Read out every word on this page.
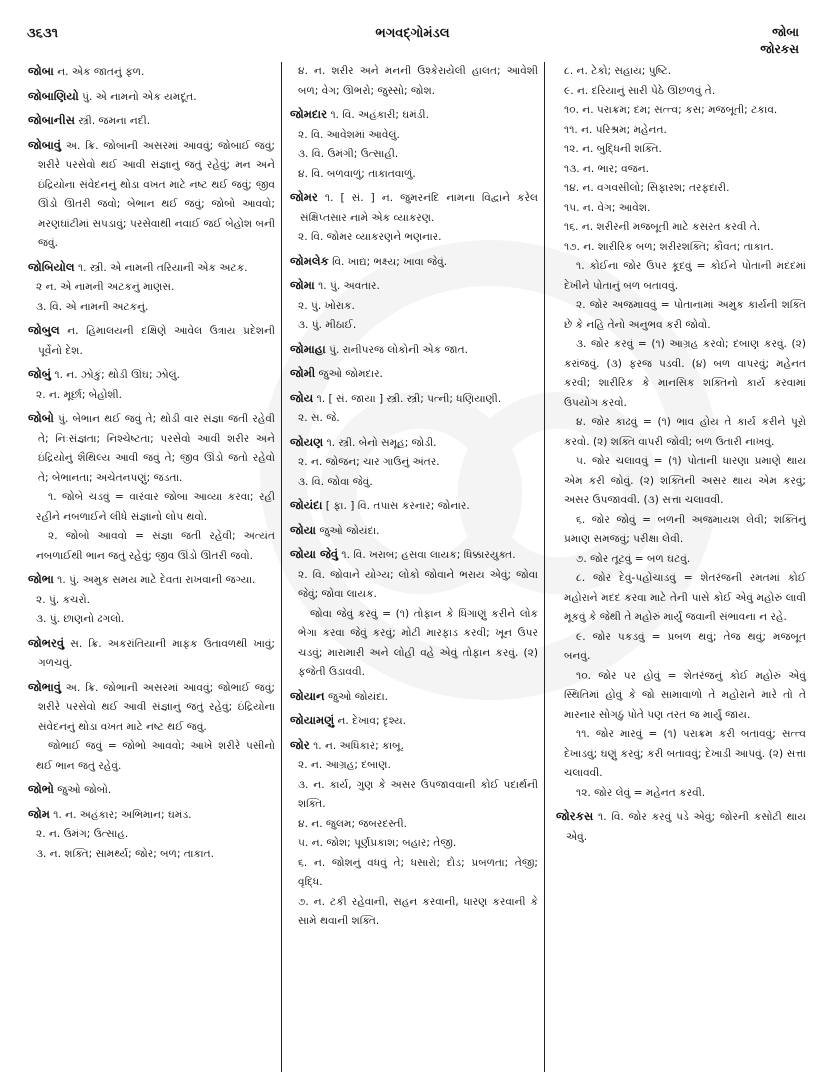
૩૬૩૧	ભગવદ્ગોમંડલ	જોબા
જોરકસ
જોબા ન. એક જાતનું ફળ.
જોબાણિયો પું. એ નામનો એક યમદૂત.
જોબાનીસ સ્ત્રી. જમના નદી.
જોબાવું અ. ક્રિ. જોબાની અસરમાં આવવું; જોબાઈ જવું; શરીરે પરસેવો થઈ આવી સંજ્ઞાનું જતું રહેવું; મન અને ઇંદ્રિયોના સંવેદનનું થોડા વખત માટે નષ્ટ થઈ જવું; જીવ ઊંડો ઊતરી જવો; બેભાન થઈ જવું; જોબો આવવો; મરણઘાંટીમાં સપડાવું; પરસેવાથી નવાઈ જઈ બેહોશ બની જવું.
જોબિયોલ ૧. સ્ત્રી. એ નામની તરિયાની એક અટક.
૨ ન. એ નામની અટકનું માણસ.
૩. વિ. એ નામની અટકનું.
જોબુલ ન. હિમાલયની દક્ષિણે આવેલ ઉત્રાય પ્રદેશની પૂર્વેનો દેશ.
જોબું ૧. ન. ઝોકું; થોડી ઊંઘ; ઝોલું.
૨. ન. મૂર્છા; બેહોશી.
જોબો પું. બેભાન થઈ જવું તે; થોડી વાર સંજ્ઞા જતી રહેવી તે; નિઃસંજ્ઞતા; નિશ્ચેષ્ટતા; પરસેવો આવી શરીર અને ઇંદ્રિયોનું શૈથિલ્ય આવી જવું તે; જીવ ઊંડો જતો રહેવો તે; બેભાનતા; અચેતનપણું; જડતા.
૧. જોબે ચડવું = વારંવાર જોબા આવ્યા કરવા; રહી રહીને નબળાઈને લીધે સંજ્ઞાનો લોપ થવો.
૨. જોબો આવવો = સંજ્ઞા જતી રહેવી; અત્યંત નબળાઈથી ભાન જતું રહેવું; જીવ ઊંડો ઊતરી જવો.
જોભા ૧. પું. અમુક સમય માટે દેવતા રાખવાની જગ્યા.
૨. પું. કચરો.
૩. પું. છાણનો ઢગલો.
જોભરવું સ. ક્રિ. અકરાંતિયાની માફક ઉતાવળથી ખાવું; ગળચવું.
જોભાવું અ. ક્રિ. જોભાની અસરમાં આવવું; જોભાઈ જવું; શરીરે પરસેવો થઈ આવી સંજ્ઞાનું જતું રહેવું; ઇંદ્રિયોના સંવેદનનું થોડા વખત માટે નષ્ટ થઈ જવું.
જોભાઈ જવું = જોભો આવવો; આખે શરીરે પસીનો થઈ ભાન જતું રહેવું.
જોભો જુઓ જોબો.
જોમ ૧. ન. અહંકાર; અભિમાન; ઘમંડ.
૨. ન. ઉમંગ; ઉત્સાહ.
૩. ન. શક્તિ; સામર્થ્ય; જોર; બળ; તાકાત.
૪. ન. શરીર અને મનની ઉશ્કેરાયેલી હાલત; આવેશી બળ; વેગ; ઊભરો; જુસ્સો; જોશ.
જોમદાર ૧. વિ. અહંકારી; ઘમંડી.
૨. વિ. આવેશમાં આવેલું.
૩. વિ. ઉમંગી; ઉત્સાહી.
૪. વિ. બળવાળું; તાકાતવાળું.
જોમર ૧. [ સં. ] ન. જુમરનંદિ નામના વિદ્વાને કરેલ સંક્ષિપ્તસાર નામે એક વ્યાકરણ.
૨. વિ. જોમર વ્યાકરણને ભણનાર.
જોમલેક વિ. ખાદ્ય; ભક્ષ્ય; ખાવા જેવું.
જોમા ૧. પું. અવતાર.
૨. પું. ખોરાક.
૩. પું. મીઠાઈ.
જોમાહા પું. રાનીપરજ લોકોની એક જાત.
જોમી જુઓ જોમદાર.
જોય ૧. [ સં. જાયા ] સ્ત્રી. સ્ત્રી; પત્ની; ધણિયાણી.
૨. સ. જે.
જોયણ ૧. સ્ત્રી. બેનો સમૂહ; જોડી.
૨. ન. જોજન; ચાર ગાઉનું અંતર.
૩. વિ. જોવા જેવું.
જોયંદા [ ફા. ] વિ. તપાસ કરનાર; જોનાર.
જોયા જુઓ જોયંદા.
જોયા જેવું ૧. વિ. ખરાબ; હસવા લાયક; ધિક્કારયુક્ત.
૨. વિ. જોવાને યોગ્ય; લોકો જોવાને ભરાય એવું; જોવા જેવું; જોવા લાયક.
જોવા જેવું કરવું = (૧) તોફાન કે ધિંગાણું કરીને લોક ભેગા કરવા જેવું કરવું; મોટી મારફાડ કરવી; ખૂન ઉપર ચડવું; મારામારી અને લોહી વહે એવું તોફાન કરવું. (૨) ફજેતી ઉડાવવી.
જોયાન જુઓ જોયંદા.
જોયામણું ન. દેખાવ; દૃશ્ય.
જોર ૧. ન. અધિકાર; કાબૂ.
૨. ન. આગ્રહ; દબાણ.
૩. ન. કાર્ય, ગુણ કે અસર ઉપજાવવાની કોઈ પદાર્થની શક્તિ.
૪. ન. જુલમ; જબરદસ્તી.
૫. ન. જોશ; પૂર્ણપ્રકાશ; બહાર; તેજી.
૬. ન. જોશનું વધવું તે; ધસારો; દોડ; પ્રબળતા; તેજી; વૃદ્ધિ.
૭. ન. ટકી રહેવાની, સહન કરવાની, ધારણ કરવાની કે સામે થવાની શક્તિ.
૮. ન. ટેકો; સહાય; પુષ્ટિ.
૯. ન. દરિયાનું સારી પેઠે ઊછળવું તે.
૧૦. ન. પરાક્રમ; દમ; સત્ત્વ; કસ; મજબૂતી; ટકાવ.
૧૧. ન. પરિશ્રમ; મહેનત.
૧૨. ન. બુદ્ધિની શક્તિ.
૧૩. ન. ભાર; વજન.
૧૪. ન. વગવસીલો; સિફારશ; તરફદારી.
૧૫. ન. વેગ; આવેશ.
૧૬. ન. શરીરની મજબૂતી માટે કસરત કરવી તે.
૧૭. ન. શારીરિક બળ; શરીરશક્તિ; કૌવત; તાકાત.
૧. કોઈના જોર ઉપર કૂદવું = કોઈને પોતાની મદદમાં દેખીને પોતાનું બળ બતાવવું.
૨. જોર અજમાવવું = પોતાનામાં અમુક કાર્યની શક્તિ છે કે નહિ તેનો અનુભવ કરી જોવો.
૩. જોર કરવું = (૧) આગ્રહ કરવો; દબાણ કરવું. (૨) કરાંજવું. (૩) ફરજ પડવી. (૪) બળ વાપરવું; મહેનત કરવી; શારીરિક કે માનસિક શક્તિનો કાર્ય કરવામાં ઉપયોગ કરવો.
૪. જોર કાઢવું = (૧) ભાવ હોય તે કાર્ય કરીને પૂરો કરવો. (૨) શક્તિ વાપરી જોવી; બળ ઉતારી નાખવું.
૫. જોર ચલાવવું = (૧) પોતાની ધારણા પ્રમાણે થાય એમ કરી જોવું. (૨) શક્તિની અસર થાય એમ કરવું; અસર ઉપજાવવી. (૩) સત્તા ચલાવવી.
૬. જોર જોવું = બળની અજમાયશ લેવી; શક્તિનું પ્રમાણ સમજવું; પરીક્ષા લેવી.
૭. જોર તૂટવું = બળ ઘટવું.
૮. જોર દેવું-પહોંચાડવું = શેતરંજની રમતમાં કોઈ મહોરાને મદદ કરવા માટે તેની પાસે કોઈ એવું મહોરું લાવી મૂકવું કે જેથી તે મહોરું માર્યું જવાની સંભાવના ન રહે.
૯. જોર પકડવું = પ્રબળ થવું; તેજ થવું; મજબૂત બનવું.
૧૦. જોર પર હોવું = શેતરંજનું કોઈ મહોરું એવું સ્થિતિમાં હોવું કે જો સામાવાળો તે મહોરાને મારે તો તે મારનાર સોગઠું પોતે પણ તરત જ માર્યું જાય.
૧૧. જોર મારવું = (૧) પરાક્રમ કરી બતાવવું; સત્ત્વ દેખાડવું; ઘણું કરવું; કરી બતાવવું; દેખાડી આપવું. (૨) સત્તા ચલાવવી.
૧૨. જોર લેવું = મહેનત કરવી.
જોરકસ ૧. વિ. જોર કરવું પડે એવું; જોરની કસોટી થાય એવું.
